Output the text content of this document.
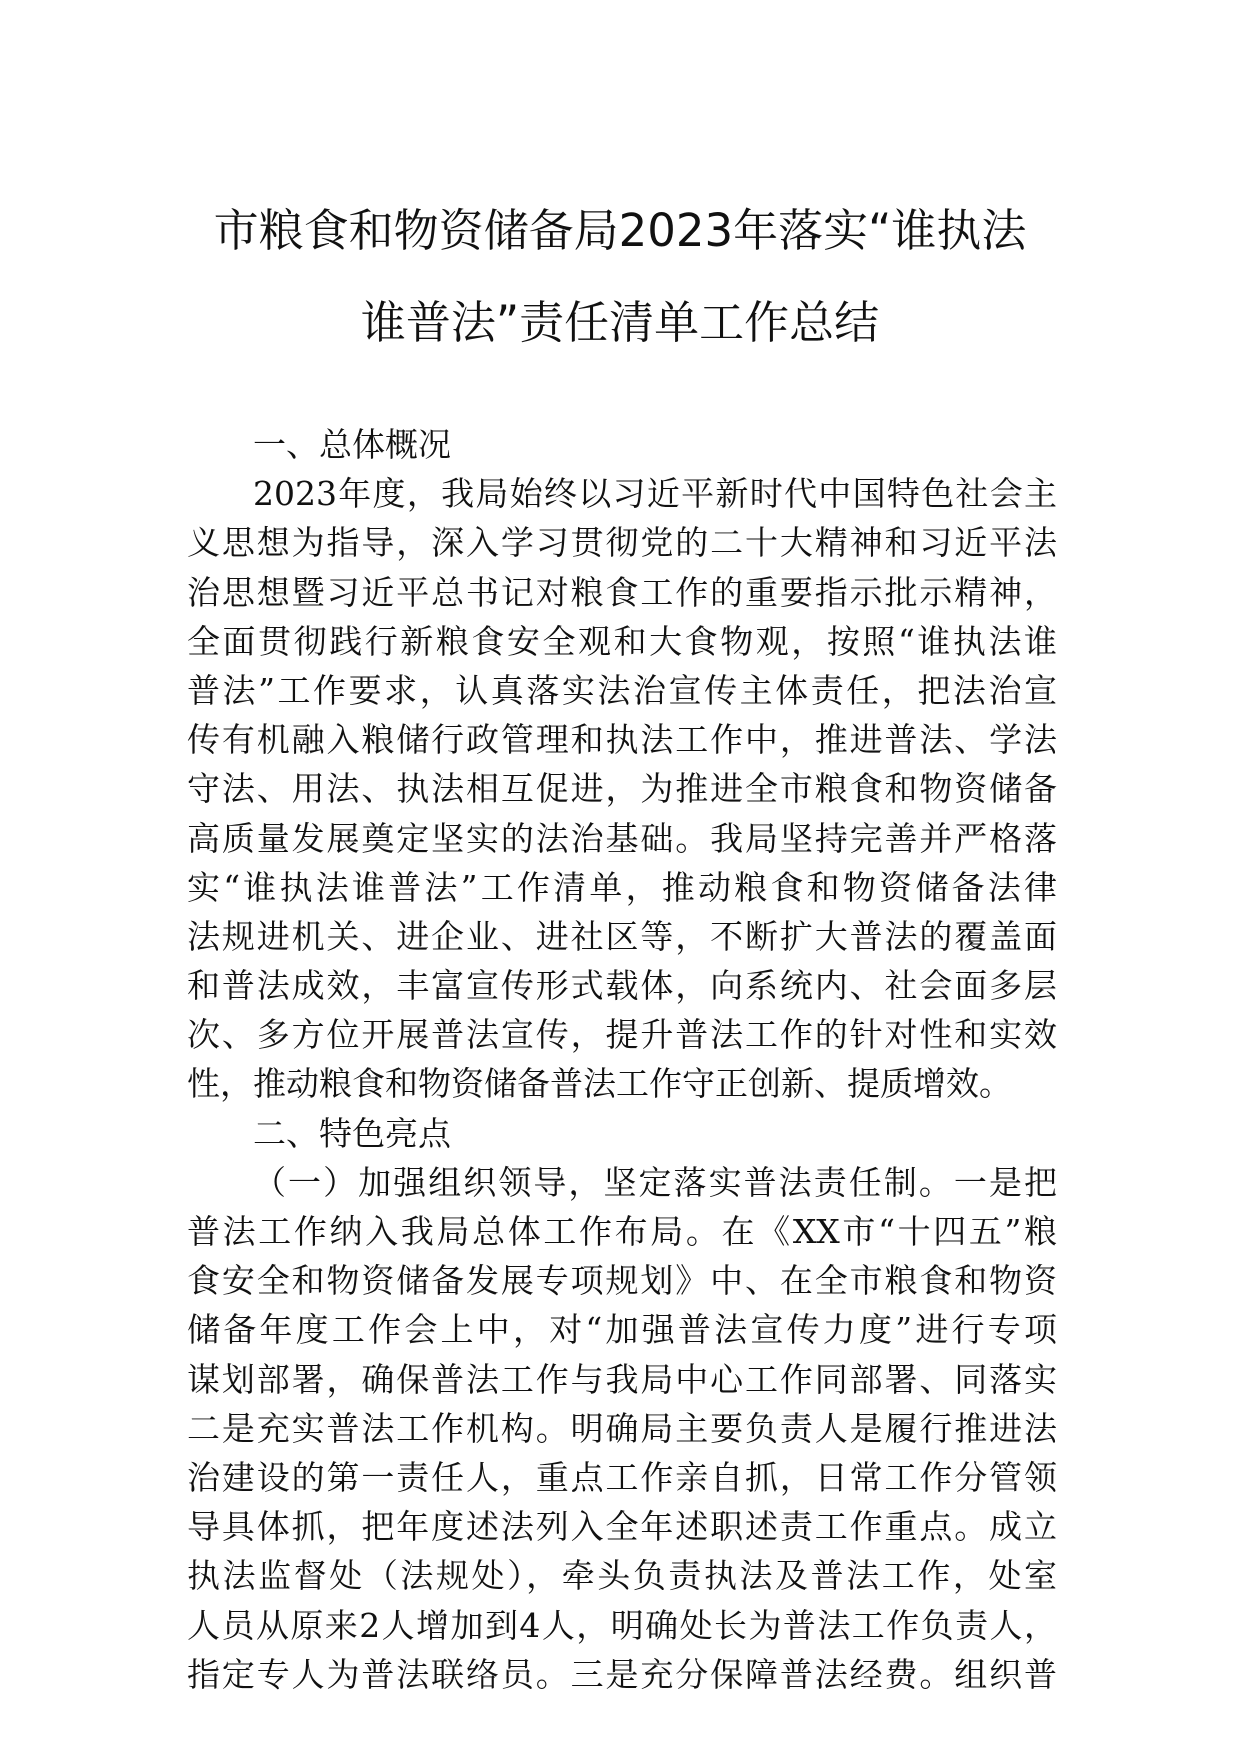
市粮食和物资储备局2023年落实“谁执法
谁普法”责任清单工作总结
一、总体概况
2023年度，我局始终以习近平新时代中国特色社会主
义思想为指导，深入学习贯彻党的二十大精神和习近平法
治思想暨习近平总书记对粮食工作的重要指示批示精神，
全面贯彻践行新粮食安全观和大食物观，按照“谁执法谁
普法”工作要求，认真落实法治宣传主体责任，把法治宣
传有机融入粮储行政管理和执法工作中，推进普法、学法
守法、用法、执法相互促进，为推进全市粮食和物资储备
高质量发展奠定坚实的法治基础。我局坚持完善并严格落
实“谁执法谁普法”工作清单，推动粮食和物资储备法律
法规进机关、进企业、进社区等，不断扩大普法的覆盖面
和普法成效，丰富宣传形式载体，向系统内、社会面多层
次、多方位开展普法宣传，提升普法工作的针对性和实效
性，推动粮食和物资储备普法工作守正创新、提质增效。
二、特色亮点
（一）加强组织领导，坚定落实普法责任制。一是把
普法工作纳入我局总体工作布局。在《XX市“十四五”粮
食安全和物资储备发展专项规划》中、在全市粮食和物资
储备年度工作会上中，对“加强普法宣传力度”进行专项
谋划部署，确保普法工作与我局中心工作同部署、同落实
二是充实普法工作机构。明确局主要负责人是履行推进法
治建设的第一责任人，重点工作亲自抓，日常工作分管领
导具体抓，把年度述法列入全年述职述责工作重点。成立
执法监督处（法规处），牵头负责执法及普法工作，处室
人员从原来2人增加到4人，明确处长为普法工作负责人，
指定专人为普法联络员。三是充分保障普法经费。组织普
